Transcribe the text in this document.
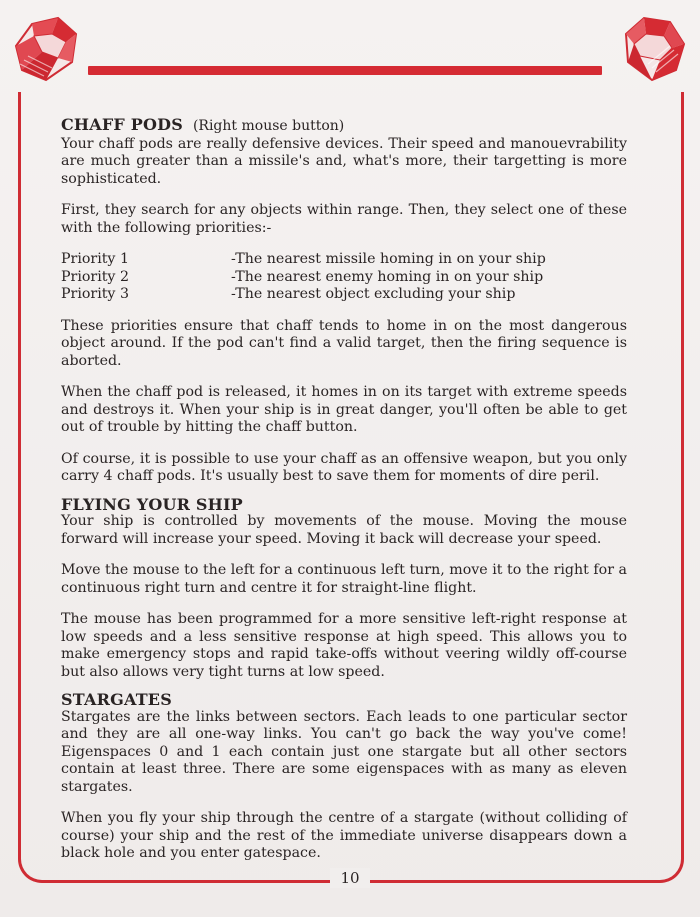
CHAFF PODS (Right mouse button)

Your chaff pods are really defensive devices. Their speed and manouevrability are much greater than a missile's and, what's more, their targetting is more sophisticated.

First, they search for any objects within range. Then, they select one of these with the following priorities:-

Priority 1	-The nearest missile homing in on your ship
Priority 2	-The nearest enemy homing in on your ship
Priority 3	-The nearest object excluding your ship

These priorities ensure that chaff tends to home in on the most dangerous object around. If the pod can't find a valid target, then the firing sequence is aborted.

When the chaff pod is released, it homes in on its target with extreme speeds and destroys it. When your ship is in great danger, you'll often be able to get out of trouble by hitting the chaff button.

Of course, it is possible to use your chaff as an offensive weapon, but you only carry 4 chaff pods. It's usually best to save them for moments of dire peril.

FLYING YOUR SHIP

Your ship is controlled by movements of the mouse. Moving the mouse forward will increase your speed. Moving it back will decrease your speed.

Move the mouse to the left for a continuous left turn, move it to the right for a continuous right turn and centre it for straight-line flight.

The mouse has been programmed for a more sensitive left-right response at low speeds and a less sensitive response at high speed. This allows you to make emergency stops and rapid take-offs without veering wildly off-course but also allows very tight turns at low speed.

STARGATES

Stargates are the links between sectors. Each leads to one particular sector and they are all one-way links. You can't go back the way you've come! Eigenspaces 0 and 1 each contain just one stargate but all other sectors contain at least three. There are some eigenspaces with as many as eleven stargates.

When you fly your ship through the centre of a stargate (without colliding of course) your ship and the rest of the immediate universe disappears down a black hole and you enter gatespace.

10
